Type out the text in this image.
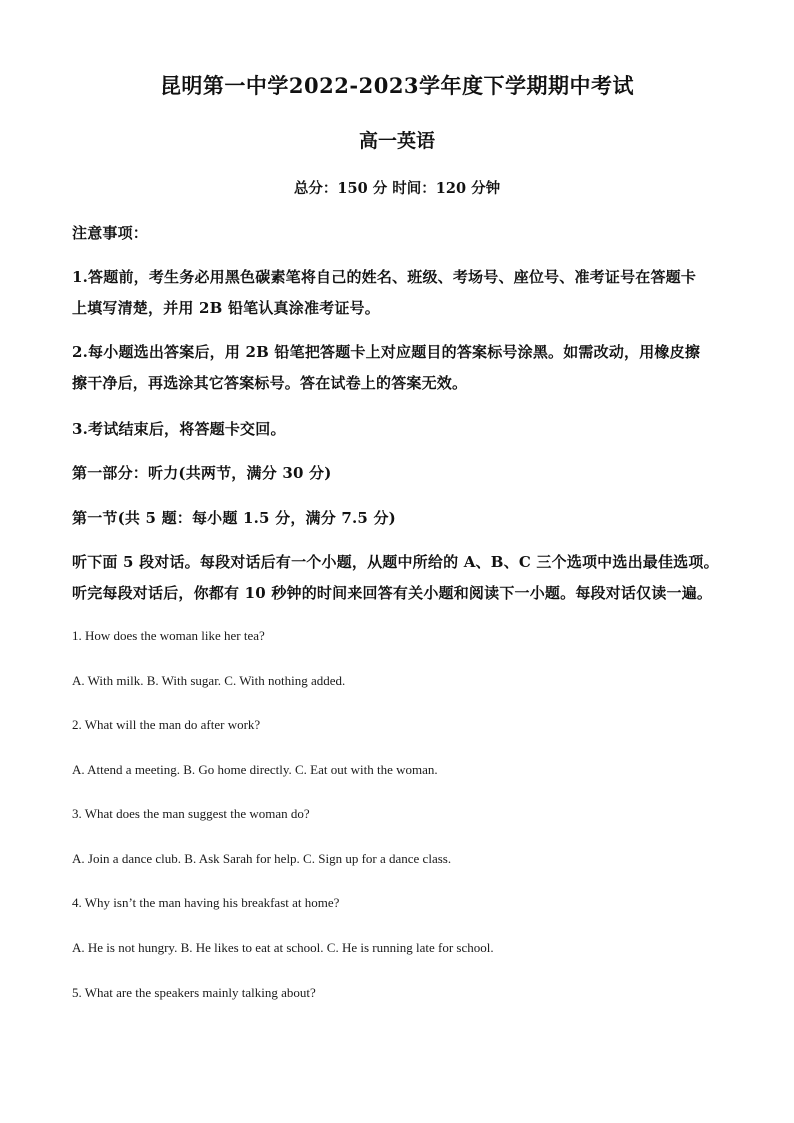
昆明第一中学2022-2023学年度下学期期中考试
高一英语
总分：150 分 时间：120 分钟
注意事项：
1.答题前，考生务必用黑色碳素笔将自己的姓名、班级、考场号、座位号、准考证号在答题卡
上填写清楚，并用 2B 铅笔认真涂准考证号。
2.每小题选出答案后，用 2B 铅笔把答题卡上对应题目的答案标号涂黑。如需改动，用橡皮擦
擦干净后，再选涂其它答案标号。答在试卷上的答案无效。
3.考试结束后，将答题卡交回。
第一部分：听力(共两节，满分 30 分)
第一节(共 5 题：每小题 1.5 分，满分 7.5 分)
听下面 5 段对话。每段对话后有一个小题，从题中所给的 A、B、C 三个选项中选出最佳选项。
听完每段对话后，你都有 10 秒钟的时间来回答有关小题和阅读下一小题。每段对话仅读一遍。
1. How does the woman like her tea?
A. With milk. B. With sugar. C. With nothing added.
2. What will the man do after work?
A. Attend a meeting. B. Go home directly. C. Eat out with the woman.
3. What does the man suggest the woman do?
A. Join a dance club. B. Ask Sarah for help. C. Sign up for a dance class.
4. Why isn’t the man having his breakfast at home?
A. He is not hungry. B. He likes to eat at school. C. He is running late for school.
5. What are the speakers mainly talking about?
